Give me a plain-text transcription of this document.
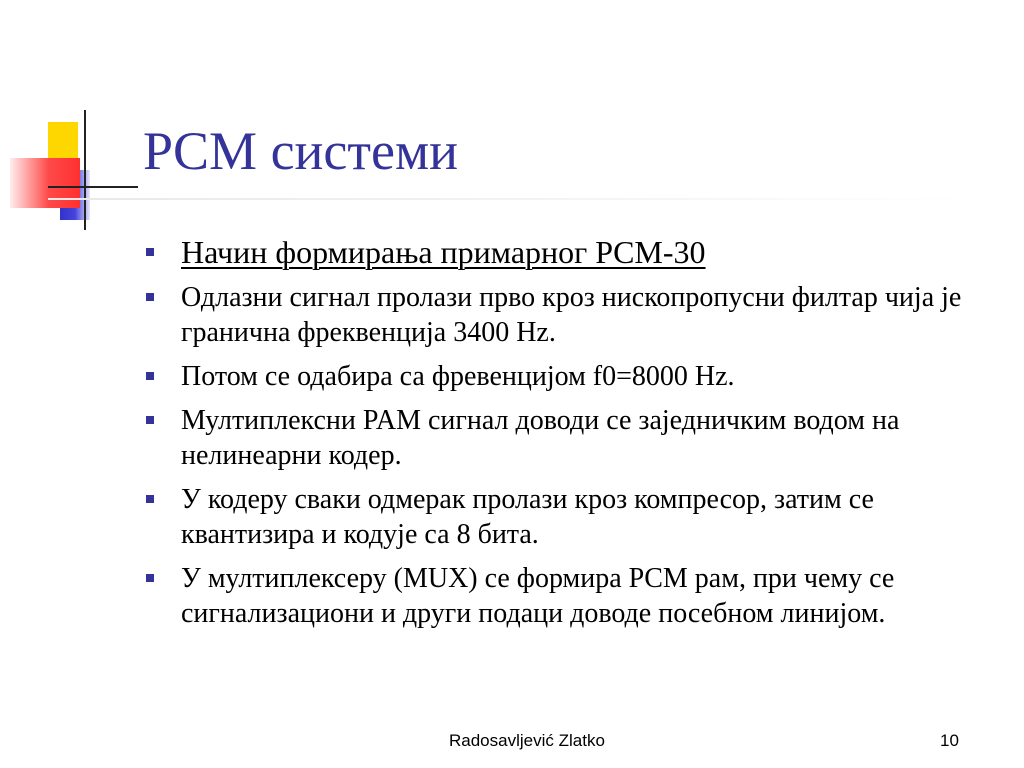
PCM системи
Начин формирања примарног PCM-30
Одлазни сигнал пролази прво кроз нископропусни филтар чија је гранична фреквенција 3400 Hz.
Потом се одабира са фревенцијом f0=8000 Hz.
Мултиплексни PAM сигнал доводи се заједничким водом на нелинеарни кодер.
У кодеру сваки одмерак пролази кроз компресор, затим се квантизира и кодује са 8 бита.
У мултиплексеру (MUX) се формира PCM рам, при чему се сигнализациони и други подаци доводе посебном линијом.
Radosavljević Zlatko	10
